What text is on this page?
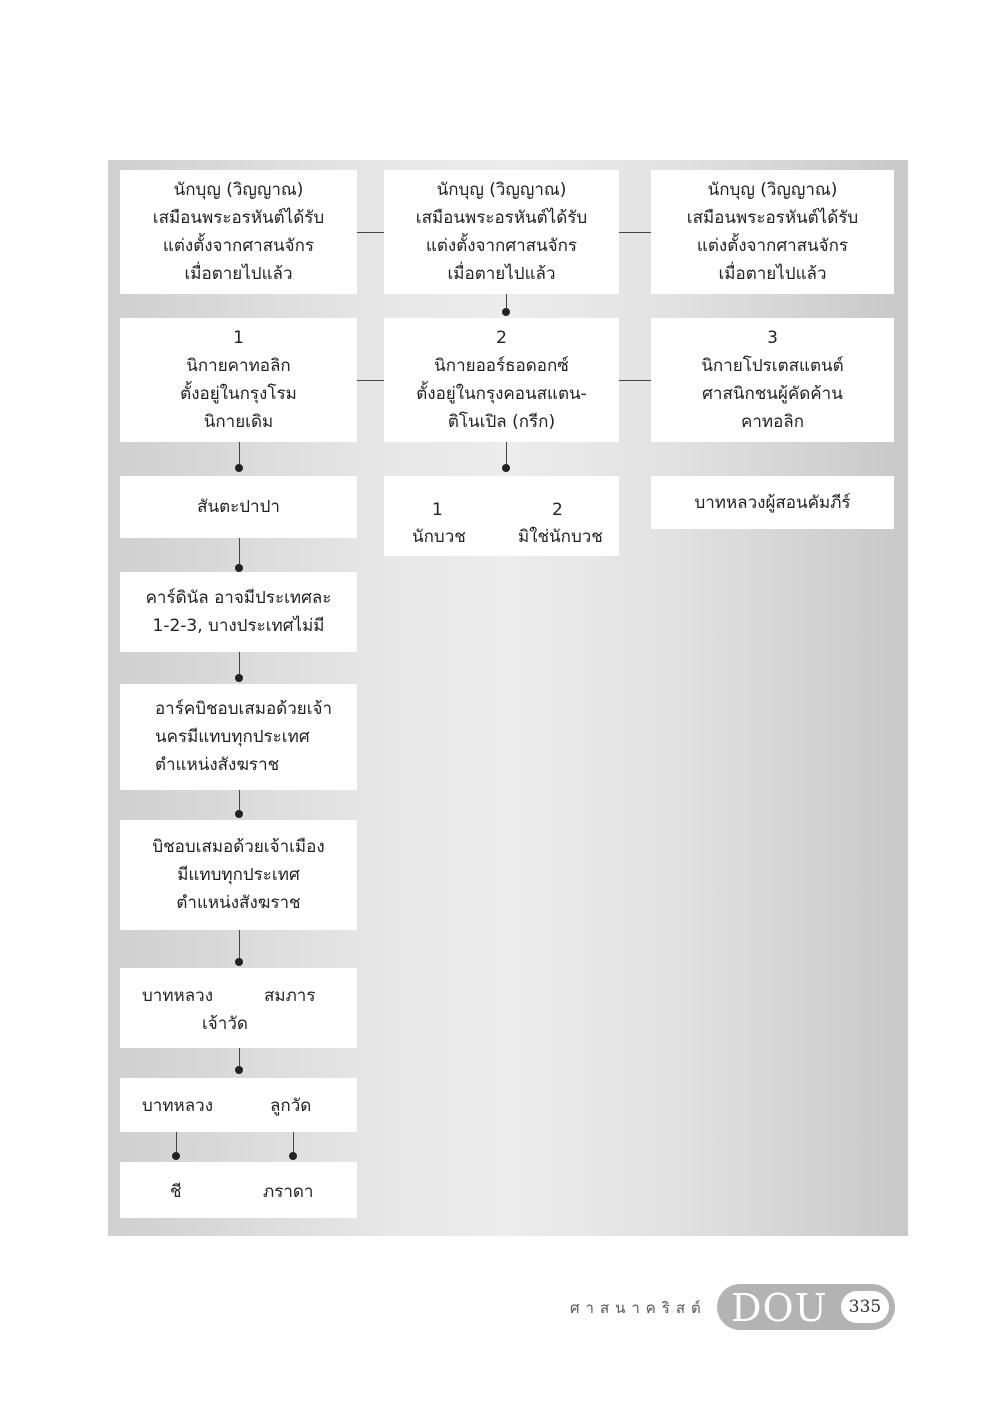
นักบุญ (วิญญาณ)
เสมือนพระอรหันต์ได้รับ
แต่งตั้งจากศาสนจักร
เมื่อตายไปแล้ว
นักบุญ (วิญญาณ)
เสมือนพระอรหันต์ได้รับ
แต่งตั้งจากศาสนจักร
เมื่อตายไปแล้ว
นักบุญ (วิญญาณ)
เสมือนพระอรหันต์ได้รับ
แต่งตั้งจากศาสนจักร
เมื่อตายไปแล้ว
1
นิกายคาทอลิก
ตั้งอยู่ในกรุงโรม
นิกายเดิม
2
นิกายออร์ธอดอกซ์
ตั้งอยู่ในกรุงคอนสแตน-
ติโนเปิล (กรีก)
3
นิกายโปรเตสแตนต์
ศาสนิกชนผู้คัดค้าน
คาทอลิก
สันตะปาปา	1
นักบวช
2
มิใช่นักบวช
บาทหลวงผู้สอนคัมภีร์
คาร์ดินัล อาจมีประเทศละ
1-2-3, บางประเทศไม่มี
อาร์คบิชอบเสมอด้วยเจ้า
นครมีแทบทุกประเทศ
ตำแหน่งสังฆราช
บิชอบเสมอด้วยเจ้าเมือง
มีแทบทุกประเทศ
ตำแหน่งสังฆราช
บาทหลวง	สมภาร
เจ้าวัด
บาทหลวง	ลูกวัด
ชี	ภราดา
ศาสนาคริสต์ DOU	335
